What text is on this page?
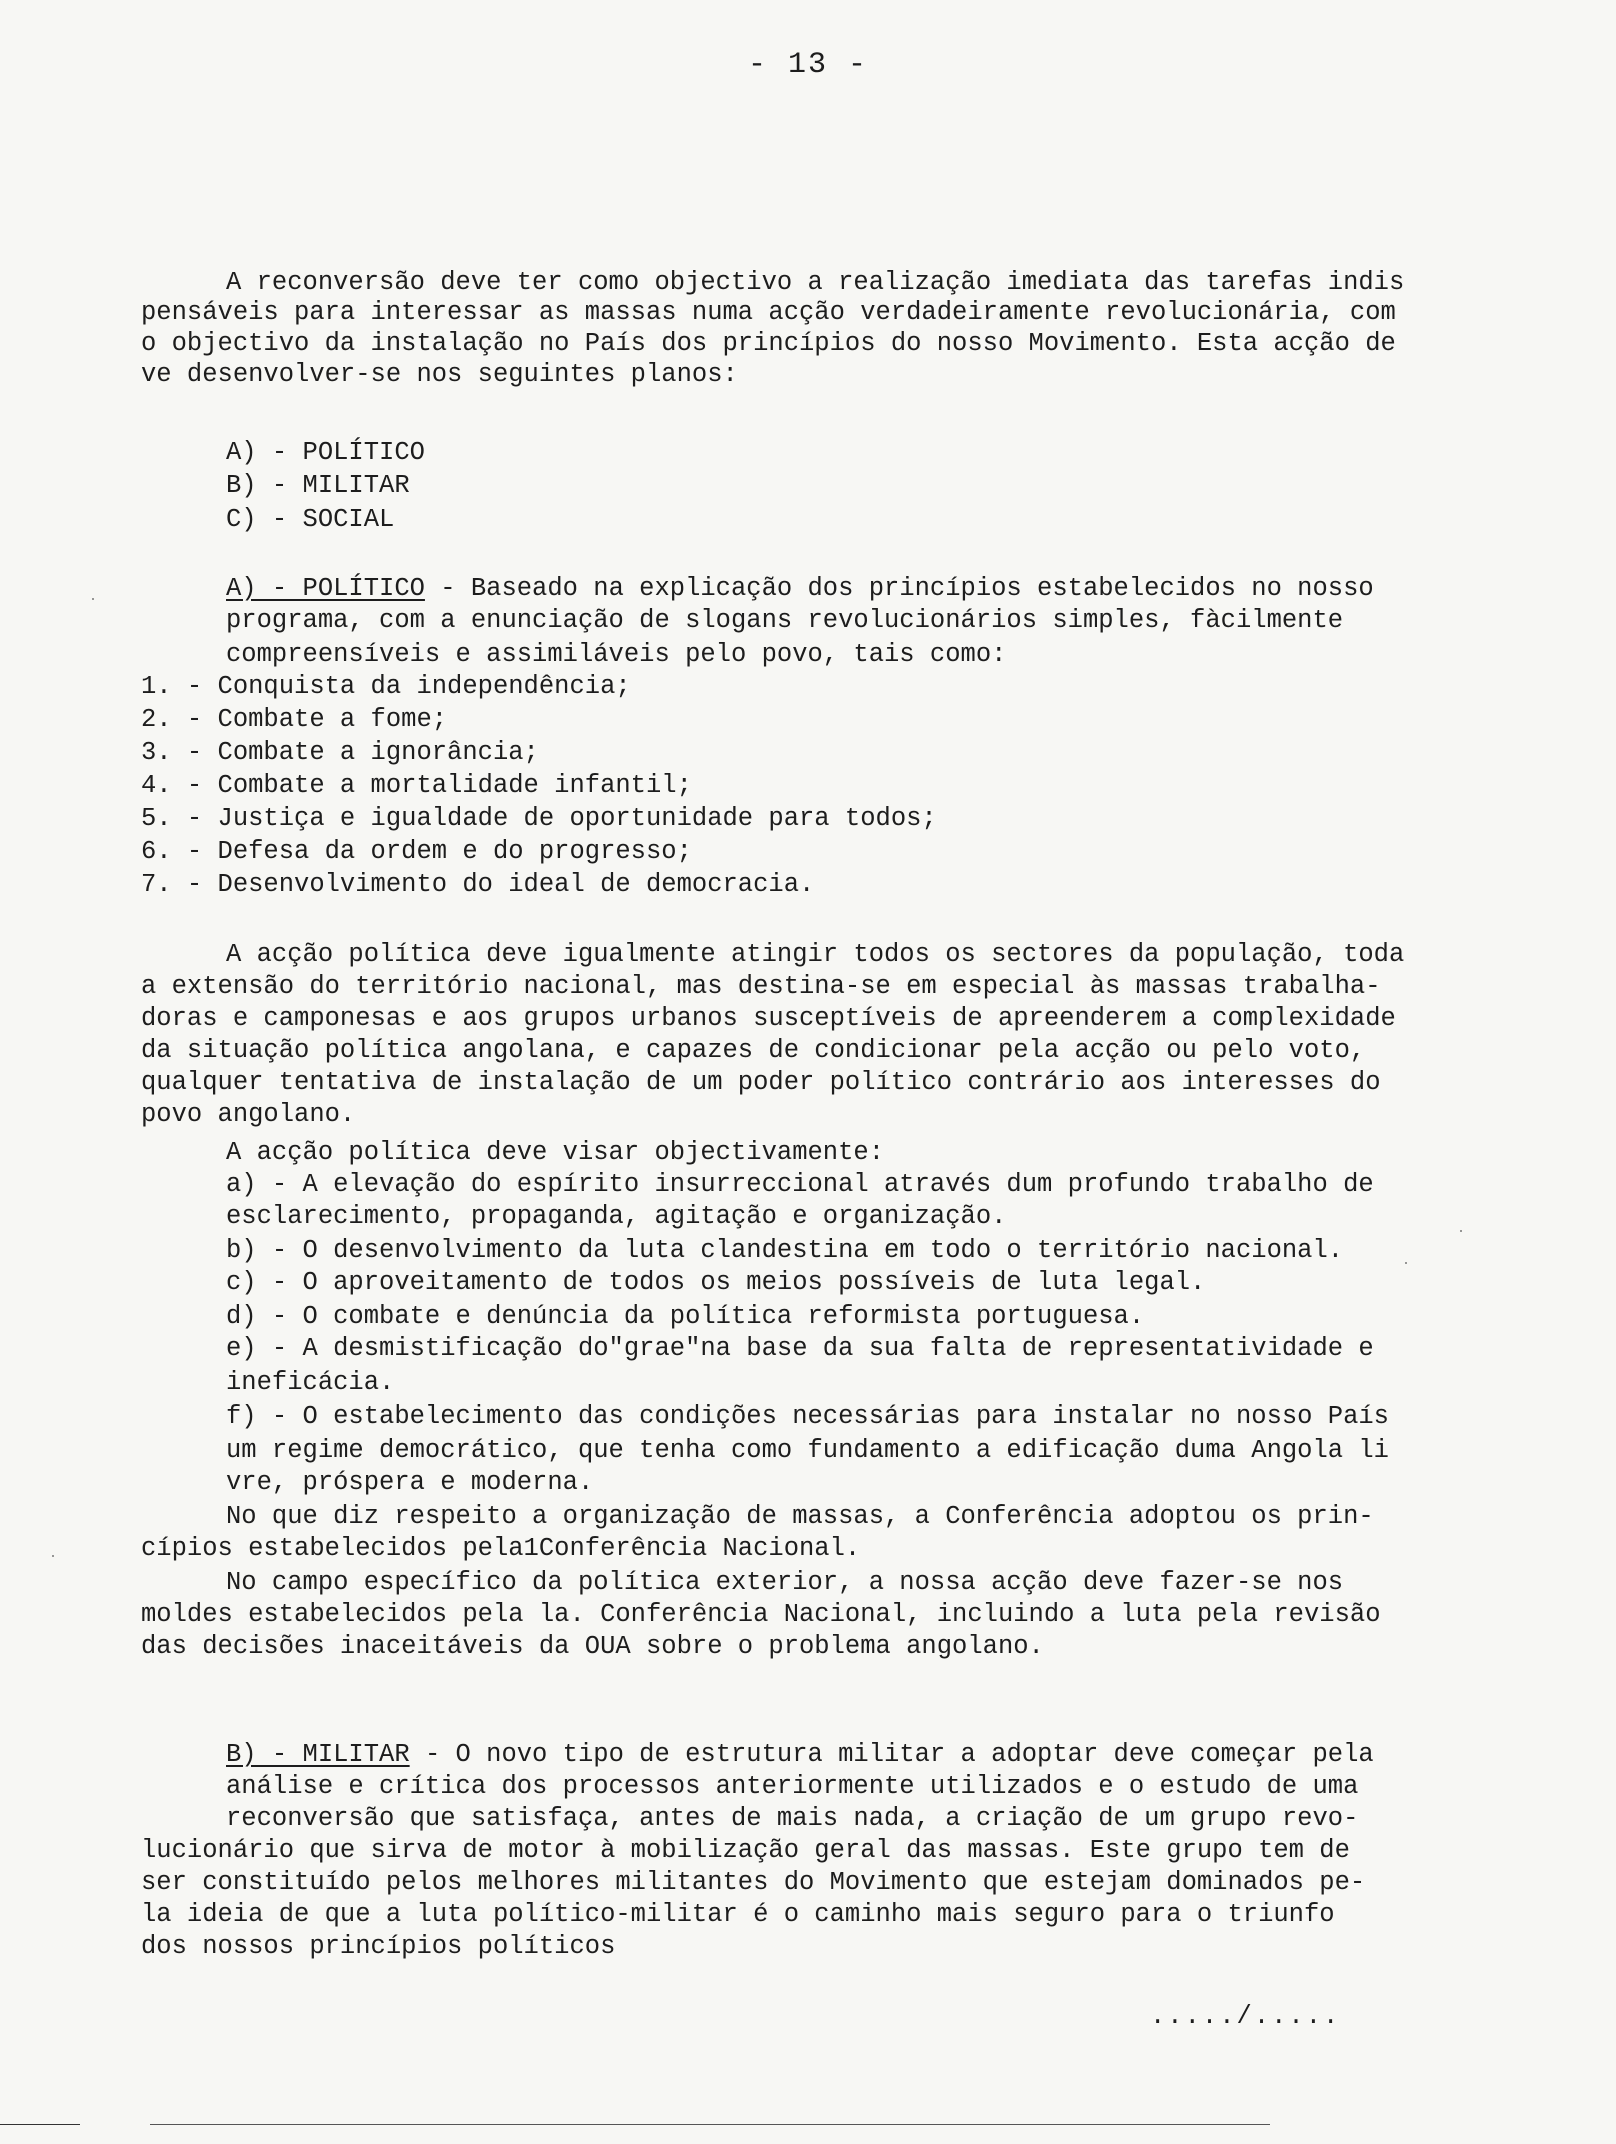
- 13 -
A reconversão deve ter como objectivo a realização imediata das tarefas indis
pensáveis para interessar as massas numa acção verdadeiramente revolucionária, com
o objectivo da instalação no País dos princípios do nosso Movimento. Esta acção de
ve desenvolver-se nos seguintes planos:
A) - POLÍTICO
B) - MILITAR
C) - SOCIAL
A) - POLÍTICO - Baseado na explicação dos princípios estabelecidos no nosso
programa, com a enunciação de slogans revolucionários simples, fàcilmente
compreensíveis e assimiláveis pelo povo, tais como:
1. - Conquista da independência;
2. - Combate a fome;
3. - Combate a ignorância;
4. - Combate a mortalidade infantil;
5. - Justiça e igualdade de oportunidade para todos;
6. - Defesa da ordem e do progresso;
7. - Desenvolvimento do ideal de democracia.
A acção política deve igualmente atingir todos os sectores da população, toda
a extensão do território nacional, mas destina-se em especial às massas trabalha-
doras e camponesas e aos grupos urbanos susceptíveis de apreenderem a complexidade
da situação política angolana, e capazes de condicionar pela acção ou pelo voto,
qualquer tentativa de instalação de um poder político contrário aos interesses do
povo angolano.
A acção política deve visar objectivamente:
a) - A elevação do espírito insurreccional através dum profundo trabalho de
esclarecimento, propaganda, agitação e organização.
b) - O desenvolvimento da luta clandestina em todo o território nacional.
c) - O aproveitamento de todos os meios possíveis de luta legal.
d) - O combate e denúncia da política reformista portuguesa.
e) - A desmistificação do"grae"na base da sua falta de representatividade e
ineficácia.
f) - O estabelecimento das condições necessárias para instalar no nosso País
um regime democrático, que tenha como fundamento a edificação duma Angola li
vre, próspera e moderna.
No que diz respeito a organização de massas, a Conferência adoptou os prin-
cípios estabelecidos pela1Conferência Nacional.
No campo específico da política exterior, a nossa acção deve fazer-se nos
moldes estabelecidos pela la. Conferência Nacional, incluindo a luta pela revisão
das decisões inaceitáveis da OUA sobre o problema angolano.
B) - MILITAR - O novo tipo de estrutura militar a adoptar deve começar pela
análise e crítica dos processos anteriormente utilizados e o estudo de uma
reconversão que satisfaça, antes de mais nada, a criação de um grupo revo-
lucionário que sirva de motor à mobilização geral das massas. Este grupo tem de
ser constituído pelos melhores militantes do Movimento que estejam dominados pe-
la ideia de que a luta político-militar é o caminho mais seguro para o triunfo
dos nossos princípios políticos
...../.....
